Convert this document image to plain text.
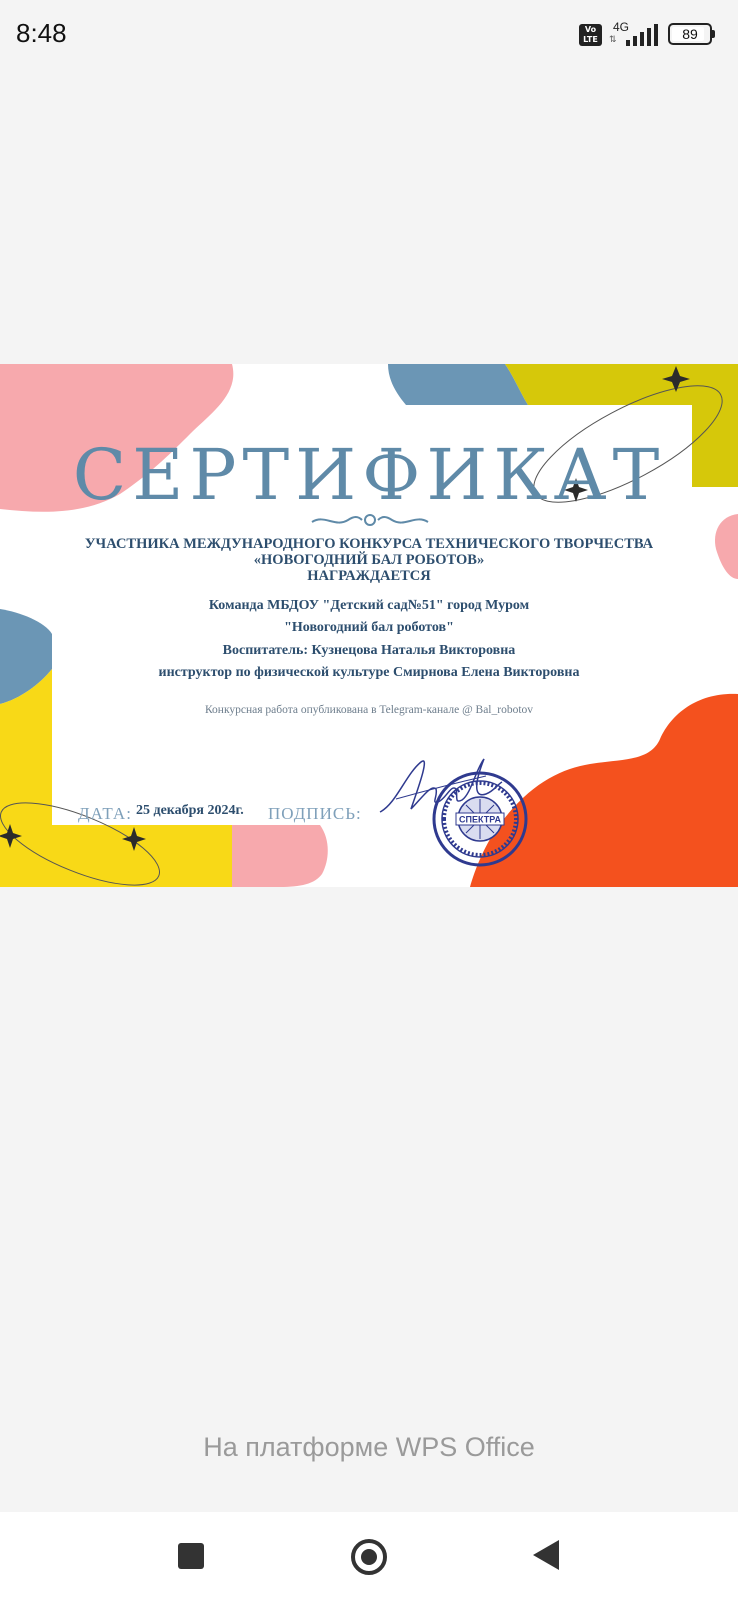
8:48	Vo LTE
4G
⇅	89
СЕРТИФИКАТ
УЧАСТНИКА МЕЖДУНАРОДНОГО КОНКУРСА ТЕХНИЧЕСКОГО ТВОРЧЕСТВА
«НОВОГОДНИЙ БАЛ РОБОТОВ»
НАГРАЖДАЕТСЯ
Команда МБДОУ "Детский сад№51" город Муром
"Новогодний бал роботов"
Воспитатель: Кузнецова Наталья Викторовна
инструктор по физической культуре Смирнова Елена Викторовна
Конкурсная работа опубликована в Telegram-канале @ Bal_robotov
ДАТА: 25 декабря 2024г. ПОДПИСЬ:	СПЕКТРА
На платформе WPS Office
